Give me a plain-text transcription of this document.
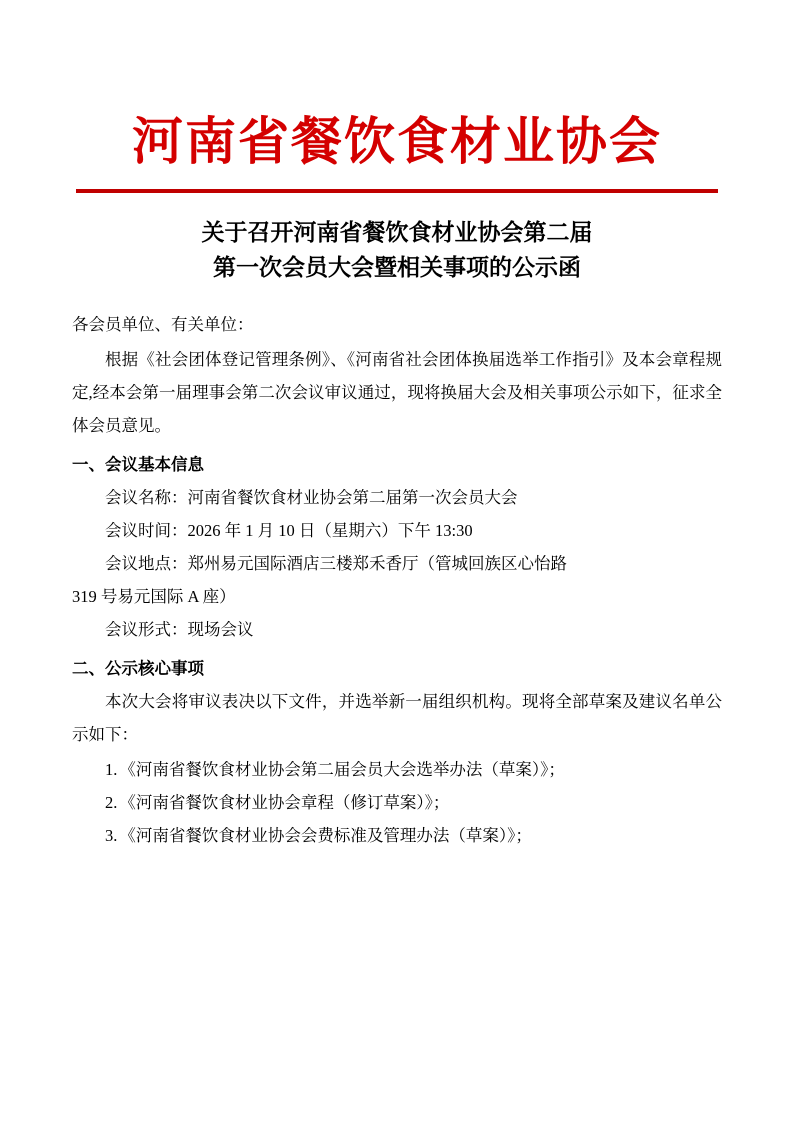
河南省餐饮食材业协会
关于召开河南省餐饮食材业协会第二届
第一次会员大会暨相关事项的公示函
各会员单位、有关单位：

根据《社会团体登记管理条例》、《河南省社会团体换届选举工作指引》及本会章程规定,经本会第一届理事会第二次会议审议通过，现将换届大会及相关事项公示如下，征求全体会员意见。

一、会议基本信息

会议名称：河南省餐饮食材业协会第二届第一次会员大会

会议时间：2026 年 1 月 10 日（星期六）下午 13:30

会议地点：郑州易元国际酒店三楼郑禾香厅（管城回族区心怡路

319 号易元国际 A 座）

会议形式：现场会议

二、公示核心事项

本次大会将审议表决以下文件，并选举新一届组织机构。现将全部草案及建议名单公示如下：

1. 《河南省餐饮食材业协会第二届会员大会选举办法（草案）》；
2. 《河南省餐饮食材业协会章程（修订草案）》；
3. 《河南省餐饮食材业协会会费标准及管理办法（草案）》；
